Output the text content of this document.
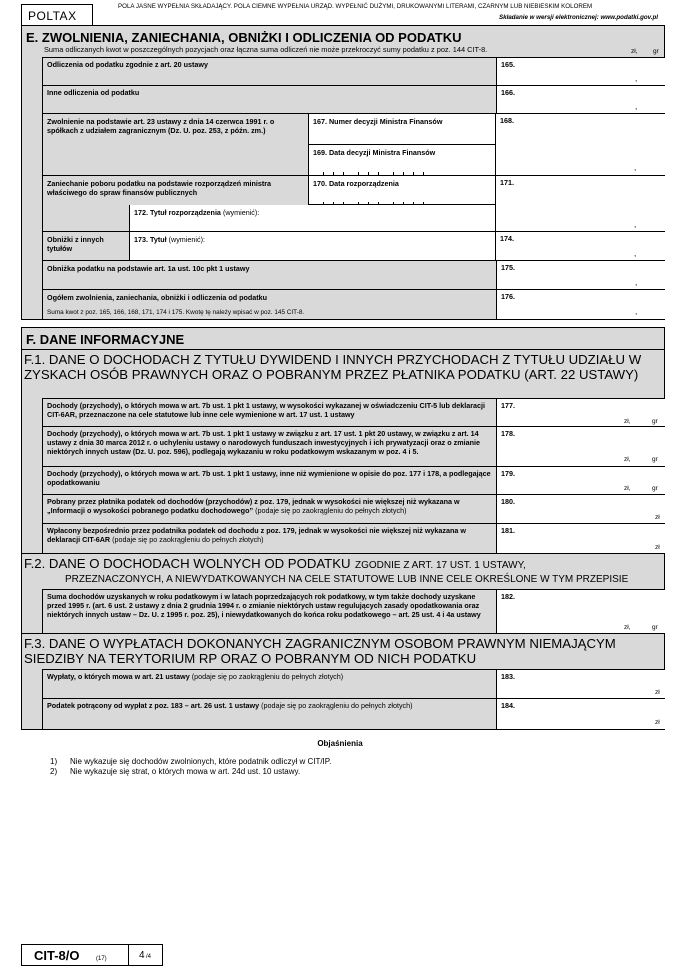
POLTAX
POLA JASNE WYPEŁNIA SKŁADAJĄCY. POLA CIEMNE WYPEŁNIA URZĄD. WYPEŁNIĆ DUŻYMI, DRUKOWANYMI LITERAMI, CZARNYM LUB NIEBIESKIM KOLOREM
Składanie w wersji elektronicznej: www.podatki.gov.pl
E. ZWOLNIENIA, ZANIECHANIA, OBNIŻKI I ODLICZENIA OD PODATKU
Suma odliczanych kwot w poszczególnych pozycjach oraz łączna suma odliczeń nie może przekroczyć sumy podatku z poz. 144 CIT-8.	zł, gr
Odliczenia od podatku zgodnie z art. 20 ustawy	165.
,
Inne odliczenia od podatku	166.
,
Zwolnienie na podstawie art. 23 ustawy z dnia 14 czerwca 1991 r. o spółkach z udziałem zagranicznym (Dz. U. poz. 253, z późn. zm.)
167. Numer decyzji Ministra Finansów
169. Data decyzji Ministra Finansów
168.
,
Zaniechanie poboru podatku na podstawie rozporządzeń ministra właściwego do spraw finansów publicznych
170. Data rozporządzenia
172. Tytuł rozporządzenia (wymienić):
171.
,
Obniżki z innych tytułów
173. Tytuł (wymienić):	174.
,
Obniżka podatku na podstawie art. 1a ust. 10c pkt 1 ustawy	175.
,
Ogółem zwolnienia, zaniechania, obniżki i odliczenia od podatku
Suma kwot z poz. 165, 166, 168, 171, 174 i 175. Kwotę tę należy wpisać w poz. 145 CIT-8.
176.
,
F. DANE INFORMACYJNE
F.1. DANE O DOCHODACH Z TYTUŁU DYWIDEND I INNYCH PRZYCHODACH Z TYTUŁU UDZIAŁU W ZYSKACH OSÓB PRAWNYCH ORAZ O POBRANYM PRZEZ PŁATNIKA PODATKU (ART. 22 USTAWY)
Dochody (przychody), o których mowa w art. 7b ust. 1 pkt 1 ustawy, w wysokości wykazanej w oświadczeniu CIT-5 lub deklaracji CIT-6AR, przeznaczone na cele statutowe lub inne cele wymienione w art. 17 ust. 1 ustawy
177.
zł,	gr
Dochody (przychody), o których mowa w art. 7b ust. 1 pkt 1 ustawy w związku z art. 17 ust. 1 pkt 20 ustawy, w związku z art. 14 ustawy z dnia 30 marca 2012 r. o uchyleniu ustawy o narodowych funduszach inwestycyjnych i ich prywatyzacji oraz o zmianie niektórych innych ustaw (Dz. U. poz. 596), podlegają wykazaniu w roku podatkowym wskazanym w poz. 4 i 5.
178.
zł,	gr
Dochody (przychody), o których mowa w art. 7b ust. 1 pkt 1 ustawy, inne niż wymienione w opisie do poz. 177 i 178, a podlegające opodatkowaniu
179.
zł,	gr
Pobrany przez płatnika podatek od dochodów (przychodów) z poz. 179, jednak w wysokości nie większej niż wykazana w „Informacji o wysokości pobranego podatku dochodowego” (podaje się po zaokrągleniu do pełnych złotych)
180.
zł
Wpłacony bezpośrednio przez podatnika podatek od dochodu z poz. 179, jednak w wysokości nie większej niż wykazana w deklaracji CIT-6AR (podaje się po zaokrągleniu do pełnych złotych)
181.
zł
F.2. DANE O DOCHODACH WOLNYCH OD PODATKU ZGODNIE Z ART. 17 UST. 1 USTAWY,
PRZEZNACZONYCH, A NIEWYDATKOWANYCH NA CELE STATUTOWE LUB INNE CELE OKREŚLONE W TYM PRZEPISIE
Suma dochodów uzyskanych w roku podatkowym i w latach poprzedzających rok podatkowy, w tym także dochody uzyskane przed 1995 r. (art. 6 ust. 2 ustawy z dnia 2 grudnia 1994 r. o zmianie niektórych ustaw regulujących zasady opodatkowania oraz niektórych innych ustaw – Dz. U. z 1995 r. poz. 25), i niewydatkowanych do końca roku podatkowego – art. 25 ust. 4 i 4a ustawy
182.
zł,	gr
F.3. DANE O WYPŁATACH DOKONANYCH ZAGRANICZNYM OSOBOM PRAWNYM NIEMAJĄCYM SIEDZIBY NA TERYTORIUM RP ORAZ O POBRANYM OD NICH PODATKU
Wypłaty, o których mowa w art. 21 ustawy (podaje się po zaokrągleniu do pełnych złotych)	183.
zł
Podatek potrącony od wypłat z poz. 183 – art. 26 ust. 1 ustawy (podaje się po zaokrągleniu do pełnych złotych)	184.
zł
Objaśnienia
1) Nie wykazuje się dochodów zwolnionych, które podatnik odliczył w CIT/IP.
2) Nie wykazuje się strat, o których mowa w art. 24d ust. 10 ustawy.
CIT-8/O	(17)	4 /4
